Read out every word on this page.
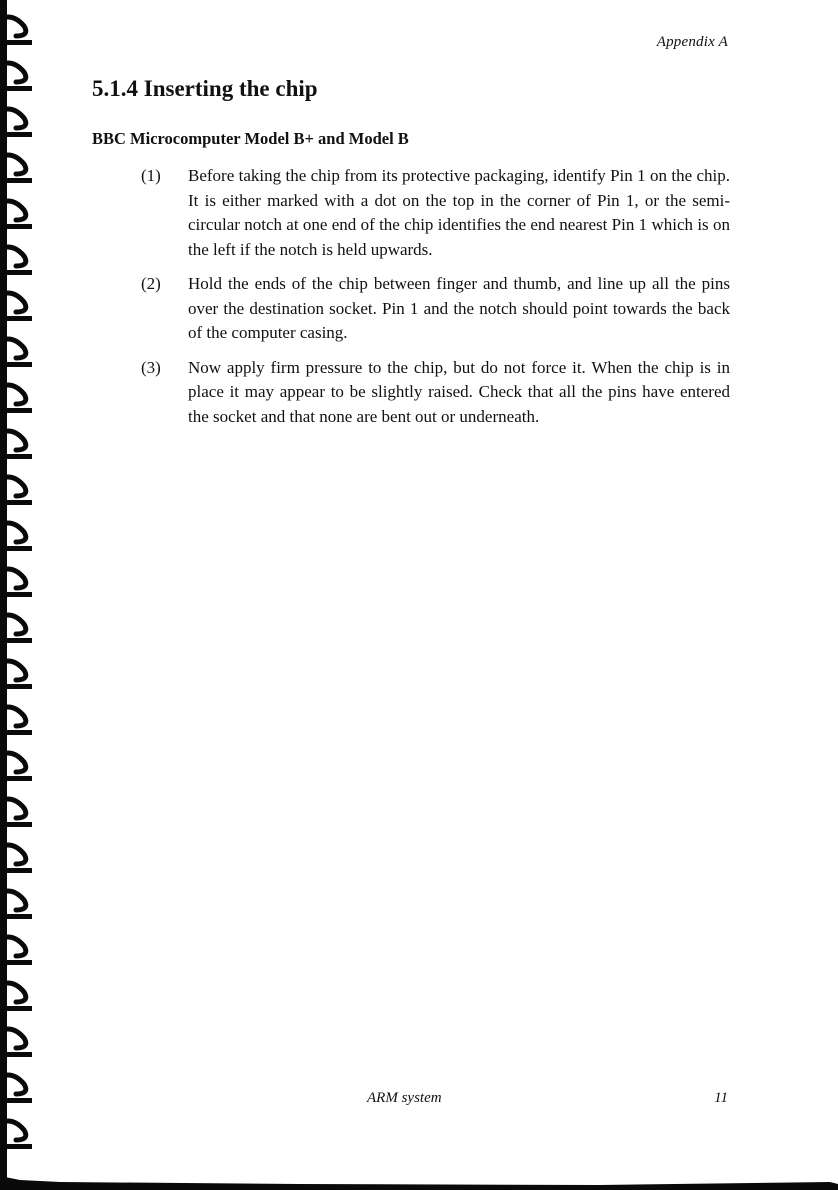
Appendix A
5.1.4 Inserting the chip
BBC Microcomputer Model B+ and Model B
(1)	Before taking the chip from its protective packaging, identify Pin 1 on the chip. It is either marked with a dot on the top in the corner of Pin 1, or the semi-circular notch at one end of the chip identifies the end nearest Pin 1 which is on the left if the notch is held upwards.
(2)	Hold the ends of the chip between finger and thumb, and line up all the pins over the destination socket. Pin 1 and the notch should point towards the back of the computer casing.
(3)	Now apply firm pressure to the chip, but do not force it. When the chip is in place it may appear to be slightly raised. Check that all the pins have entered the socket and that none are bent out or underneath.
ARM system	11
